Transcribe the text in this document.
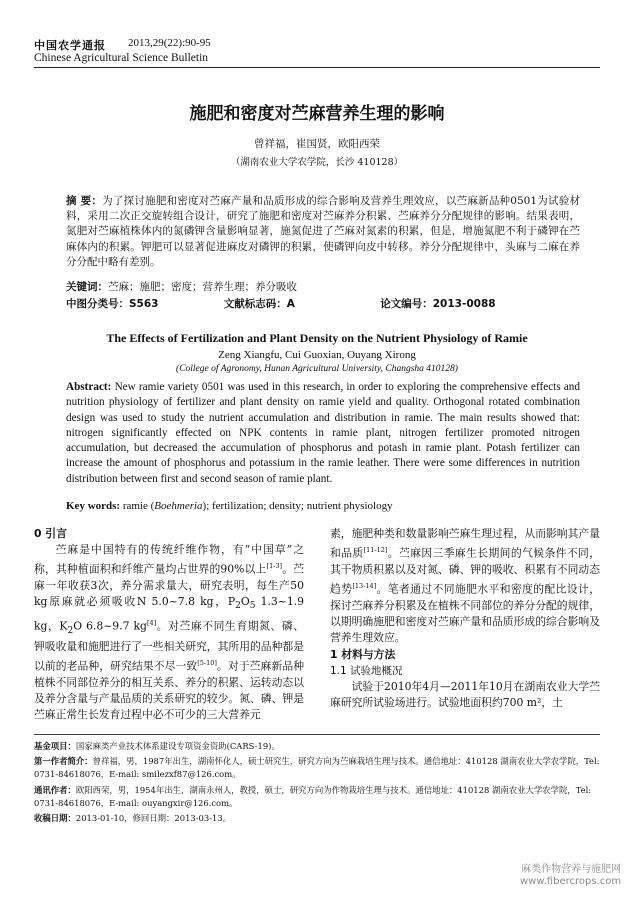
中国农学通报 2013,29(22):90-95
Chinese Agricultural Science Bulletin
施肥和密度对苎麻营养生理的影响
曾祥福，崔国贤，欧阳西荣
（湖南农业大学农学院，长沙 410128）
摘 要：为了探讨施肥和密度对苎麻产量和品质形成的综合影响及营养生理效应，以苎麻新品种0501为试验材料，采用二次正交旋转组合设计，研究了施肥和密度对苎麻养分积累、苎麻养分分配规律的影响。结果表明，氮肥对苎麻植株体内的氮磷钾含量影响显著，施氮促进了苎麻对氮素的积累，但是，增施氮肥不利于磷钾在苎麻体内的积累。钾肥可以显著促进麻皮对磷钾的积累，使磷钾向皮中转移。养分分配规律中，头麻与二麻在养分分配中略有差别。
关键词：苎麻；施肥；密度；营养生理；养分吸收
中图分类号：S563	文献标志码：A	论文编号：2013-0088
The Effects of Fertilization and Plant Density on the Nutrient Physiology of Ramie
Zeng Xiangfu, Cui Guoxian, Ouyang Xirong
(College of Agronomy, Hunan Agricultural University, Changsha 410128)
Abstract: New ramie variety 0501 was used in this research, in order to exploring the comprehensive effects and nutrition physiology of fertilizer and plant density on ramie yield and quality. Orthogonal rotated combination design was used to study the nutrient accumulation and distribution in ramie. The main results showed that: nitrogen significantly effected on NPK contents in ramie plant, nitrogen fertilizer promoted nitrogen accumulation, but decreased the accumulation of phosphorus and potash in ramie plant. Potash fertilizer can increase the amount of phosphorus and potassium in the ramie leather. There were some differences in nutrition distribution between first and second season of ramie plant.
Key words: ramie (Boehmeria); fertilization; density; nutrient physiology
0 引言

苎麻是中国特有的传统纤维作物，有“中国草”之称，其种植面积和纤维产量均占世界的90%以上[1-3]。苎麻一年收获3次，养分需求量大，研究表明，每生产50 kg原麻就必须吸收N 5.0~7.8 kg，$P_2O_5$ 1.3~1.9 kg，$K_2O$ 6.8~9.7 kg[4]。对苎麻不同生育期氮、磷、钾吸收量和施肥进行了一些相关研究，其所用的品种都是以前的老品种，研究结果不尽一致[5-10]。对于苎麻新品种植株不同部位养分的相互关系、养分的积累、运转动态以及养分含量与产量品质的关系研究的较少。氮、磷、钾是苎麻正常生长发育过程中必不可少的三大营养元

素，施肥种类和数量影响苎麻生理过程，从而影响其产量和品质[11-12]。苎麻因三季麻生长期间的气候条件不同，其干物质积累以及对氮、磷、钾的吸收、积累有不同动态趋势[13-14]。笔者通过不同施肥水平和密度的配比设计，探讨苎麻养分积累及在植株不同部位的养分分配的规律，以期明确施肥和密度对苎麻产量和品质形成的综合影响及营养生理效应。

1 材料与方法
1.1 试验地概况

试验于2010年4月—2011年10月在湖南农业大学苎麻研究所试验场进行。试验地面积约700 m²，土

基金项目：国家麻类产业技术体系建设专项资金资助(CARS-19)。
第一作者简介：曾祥福，男，1987年出生，湖南怀化人，硕士研究生，研究方向为苎麻栽培生理与技术。通信地址：410128 湖南农业大学农学院，Tel: 0731-84618076，E-mail: smilezxf87@126.com。
通讯作者：欧阳西荣，男，1954年出生，湖南永州人，教授，硕士，研究方向为作物栽培生理与技术。通信地址：410128 湖南农业大学农学院，Tel: 0731-84618076，E-mail: ouyangxir@126.com。
收稿日期：2013-01-10，修回日期：2013-03-13。
麻类作物营养与施肥网
www.fibercrops.com
